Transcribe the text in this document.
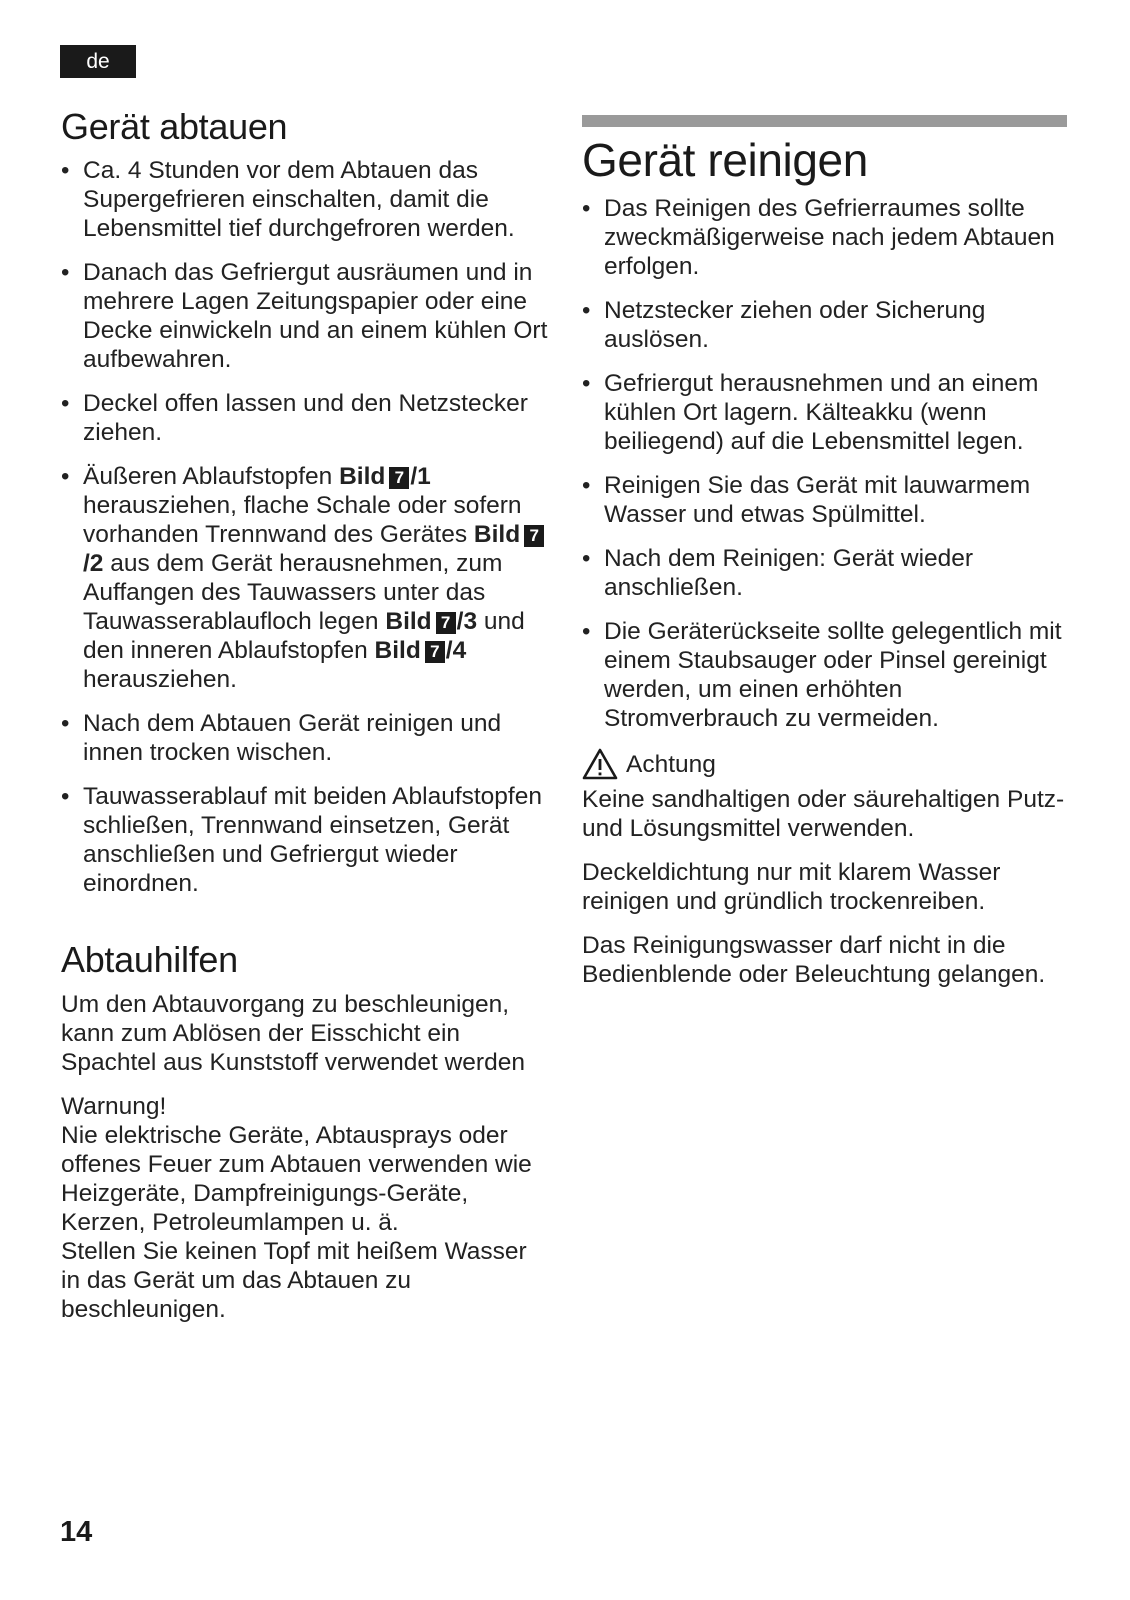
de
Gerät abtauen
• Ca. 4 Stunden vor dem Abtauen das Supergefrieren einschalten, damit die Lebensmittel tief durchgefroren werden.
• Danach das Gefriergut ausräumen und in mehrere Lagen Zeitungspapier oder eine Decke einwickeln und an einem kühlen Ort aufbewahren.
• Deckel offen lassen und den Netzstecker ziehen.
• Äußeren Ablaufstopfen Bild 7 /1 herausziehen, flache Schale oder sofern vorhanden Trennwand des Gerätes Bild 7/2 aus dem Gerät herausnehmen, zum Auffangen des Tauwassers unter das Tauwasserablaufloch legen Bild 7 /3 und den inneren Ablaufstopfen Bild 7 /4 herausziehen.
• Nach dem Abtauen Gerät reinigen und innen trocken wischen.
• Tauwasserablauf mit beiden Ablaufstopfen schließen, Trennwand einsetzen, Gerät anschließen und Gefriergut wieder einordnen.
Abtauhilfen

Um den Abtauvorgang zu beschleunigen, kann zum Ablösen der Eisschicht ein Spachtel aus Kunststoff verwendet werden

Warnung!
Nie elektrische Geräte, Abtausprays oder offenes Feuer zum Abtauen verwenden wie Heizgeräte, Dampfreinigungs-Geräte, Kerzen, Petroleumlampen u. ä.
Stellen Sie keinen Topf mit heißem Wasser in das Gerät um das Abtauen zu beschleunigen.
Gerät reinigen
• Das Reinigen des Gefrierraumes sollte zweckmäßigerweise nach jedem Abtauen erfolgen.
• Netzstecker ziehen oder Sicherung auslösen.
• Gefriergut herausnehmen und an einem kühlen Ort lagern. Kälteakku (wenn beiliegend) auf die Lebensmittel legen.
• Reinigen Sie das Gerät mit lauwarmem Wasser und etwas Spülmittel.
• Nach dem Reinigen: Gerät wieder anschließen.
• Die Geräterückseite sollte gelegentlich mit einem Staubsauger oder Pinsel gereinigt werden, um einen erhöhten Stromverbrauch zu vermeiden.
Achtung

Keine sandhaltigen oder säurehaltigen Putz- und Lösungsmittel verwenden.

Deckeldichtung nur mit klarem Wasser reinigen und gründlich trockenreiben.

Das Reinigungswasser darf nicht in die Bedienblende oder Beleuchtung gelangen.

14
